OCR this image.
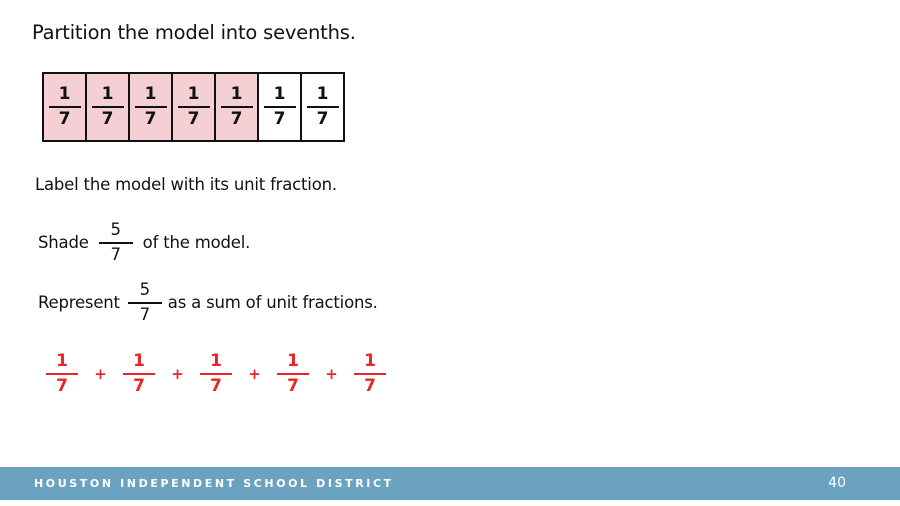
Partition the model into sevenths.
$\frac{1}{7} \frac{1}{7} \frac{1}{7} \frac{1}{7} \frac{1}{7} \frac{1}{7} \frac{1}{7}$
Label the model with its unit fraction.
Shade $\frac{5}{7}$ of the model.
Represent $\frac{5}{7}$ as a sum of unit fractions.
$\frac{1}{7}$	+ $\frac{1}{7}$	+ $\frac{1}{7}$	+ $\frac{1}{7}$	+ $\frac{1}{7}$
HOUSTON INDEPENDENT SCHOOL DISTRICT	40
